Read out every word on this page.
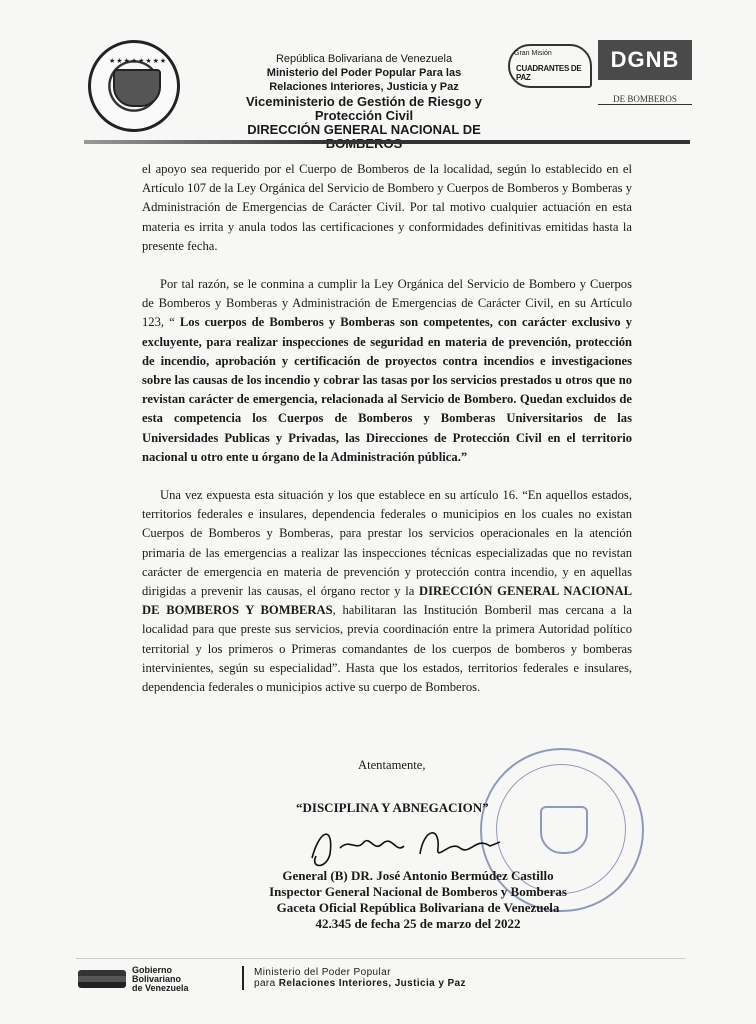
★★★★★★★★	República Bolivariana de Venezuela
Ministerio del Poder Popular Para las
Relaciones Interiores, Justicia y Paz
Viceministerio de Gestión de Riesgo y Protección Civil
DIRECCIÓN GENERAL NACIONAL DE
Gran Misión
CUADRANTES DE PAZ
DGNB
DE BOMBEROS

el apoyo sea requerido por el Cuerpo de Bomberos de la localidad, según lo establecido en el Artículo 107 de la Ley Orgánica del Servicio de Bombero y Cuerpos de Bomberos y Bomberas y Administración de Emergencias de Carácter Civil. Por tal motivo cualquier actuación en esta materia es irrita y anula todos las certificaciones y conformidades definitivas emitidas hasta la presente fecha.

Por tal razón, se le conmina a cumplir la Ley Orgánica del Servicio de Bombero y Cuerpos de Bomberos y Bomberas y Administración de Emergencias de Carácter Civil, en su Artículo 123, “ Los cuerpos de Bomberos y Bomberas son competentes, con carácter exclusivo y excluyente, para realizar inspecciones de seguridad en materia de prevención, protección de incendio, aprobación y certificación de proyectos contra incendios e investigaciones sobre las causas de los incendio y cobrar las tasas por los servicios prestados u otros que no revistan carácter de emergencia, relacionada al Servicio de Bombero. Quedan excluidos de esta competencia los Cuerpos de Bomberos y Bomberas Universitarios de las Universidades Publicas y Privadas, las Direcciones de Protección Civil en el territorio nacional u otro ente u órgano de la Administración pública.”

Una vez expuesta esta situación y los que establece en su artículo 16. “En aquellos estados, territorios federales e insulares, dependencia federales o municipios en los cuales no existan Cuerpos de Bomberos y Bomberas, para prestar los servicios operacionales en la atención primaria de las emergencias a realizar las inspecciones técnicas especializadas que no revistan carácter de emergencia en materia de prevención y protección contra incendio, y en aquellas dirigidas a prevenir las causas, el órgano rector y la DIRECCIÓN GENERAL NACIONAL DE BOMBEROS Y BOMBERAS, habilitaran las Institución Bomberil mas cercana a la localidad para que preste sus servicios, previa coordinación entre la primera Autoridad político territorial y los primeros o Primeras comandantes de los cuerpos de bomberos y bomberas intervinientes, según su especialidad”. Hasta que los estados, territorios federales e insulares, dependencia federales o municipios active su cuerpo de Bomberos.

Atentamente,
“DISCIPLINA Y ABNEGACION”
General (B) DR. José Antonio Bermúdez Castillo
Inspector General Nacional de Bomberos y Bomberas
Gaceta Oficial República Bolivariana de Venezuela
42.345 de fecha 25 de marzo del 2022
Gobierno
Bolivariano
de Venezuela
Ministerio del Poder Popular
para Relaciones Interiores, Justicia y Paz
